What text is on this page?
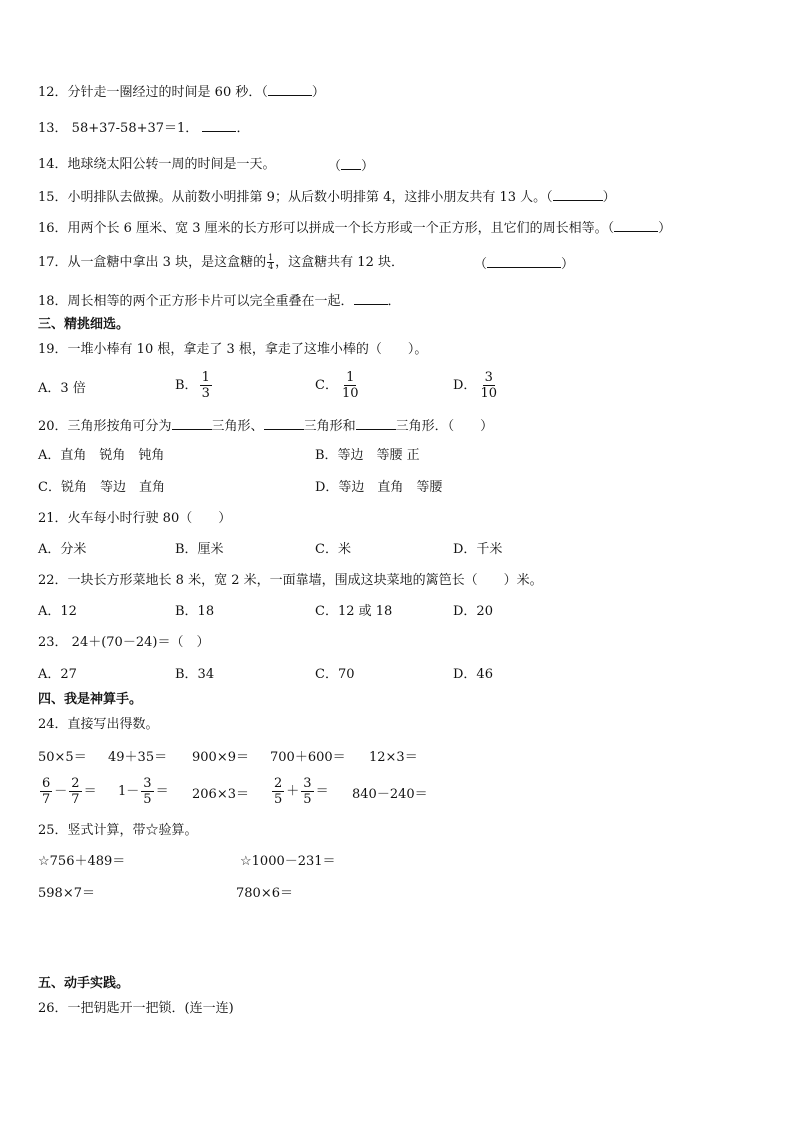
12．分针走一圈经过的时间是 60 秒．（	）
13． 58+37-58+37＝1．	．
14．地球绕太阳公转一周的时间是一天。	（ ）
15．小明排队去做操。从前数小明排第 9；从后数小明排第 4，这排小朋友共有 13 人。（	）
16．用两个长 6 厘米、宽 3 厘米的长方形可以拼成一个长方形或一个正方形，且它们的周长相等。（	）
17．从一盒糖中拿出 3 块，是这盒糖的 $\frac{1}{4}$ ，这盒糖共有 12 块．	（	）
18．周长相等的两个正方形卡片可以完全重叠在一起．	．
三、精挑细选。
19．一堆小棒有 10 根，拿走了 3 根，拿走了这堆小棒的（　　）。
A．3 倍	B． $\frac{1}{3}$	C． $\frac{1}{10}$	D． $\frac{3}{10}$
20．三角形按角可分为	三角形、	三角形和	三角形．（　　）
A．直角　锐角　钝角	B．等边　等腰 正
C．锐角　等边　直角	D．等边　直角　等腰
21．火车每小时行驶 80（　　）
A．分米	B．厘米	C．米	D．千米
22．一块长方形菜地长 8 米，宽 2 米，一面靠墙，围成这块菜地的篱笆长（　　）米。
A．12	B．18	C．12 或 18	D．20
23． 24＋(70－24)＝（　）
A．27	B．34	C．70	D．46
四、我是神算手。
24．直接写出得数。
50×5＝ 49＋35＝ 900×9＝ 700＋600＝ 12×3＝
$\frac{6}{7} - \frac{2}{7} = 1- \frac{3}{5} = 206\times 3= \frac{2}{5} + \frac{3}{5} = 840-240=$
25．竖式计算，带☆验算。
☆756＋489＝	☆1000－231＝
598×7＝	780×6＝
五、动手实践。
26．一把钥匙开一把锁．(连一连)
